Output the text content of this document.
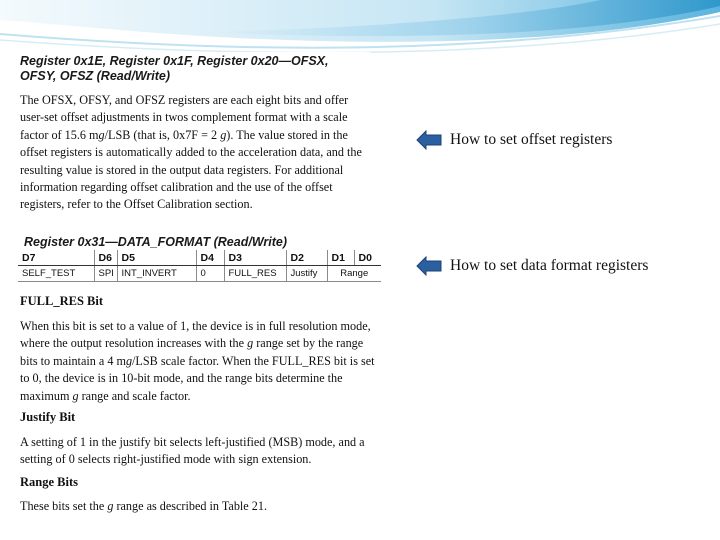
Register 0x1E, Register 0x1F, Register 0x20—OFSX, OFSY, OFSZ (Read/Write)

The OFSX, OFSY, and OFSZ registers are each eight bits and offer user-set offset adjustments in twos complement format with a scale factor of 15.6 mg/LSB (that is, 0x7F = 2 g). The value stored in the offset registers is automatically added to the acceleration data, and the resulting value is stored in the output data registers. For additional information regarding offset calibration and the use of the offset registers, refer to the Offset Calibration section.

Register 0x31—DATA_FORMAT (Read/Write)
D7	D6	D5	D4	D3	D2	D1	D0
SELF_TEST	SPI	INT_INVERT	0	FULL_RES	Justify	Range	
FULL_RES Bit

When this bit is set to a value of 1, the device is in full resolution mode, where the output resolution increases with the g range set by the range bits to maintain a 4 mg/LSB scale factor. When the FULL_RES bit is set to 0, the device is in 10-bit mode, and the range bits determine the maximum g range and scale factor.

Justify Bit

A setting of 1 in the justify bit selects left-justified (MSB) mode, and a setting of 0 selects right-justified mode with sign extension.

Range Bits

These bits set the g range as described in Table 21.

How to set offset registers
How to set data format registers
